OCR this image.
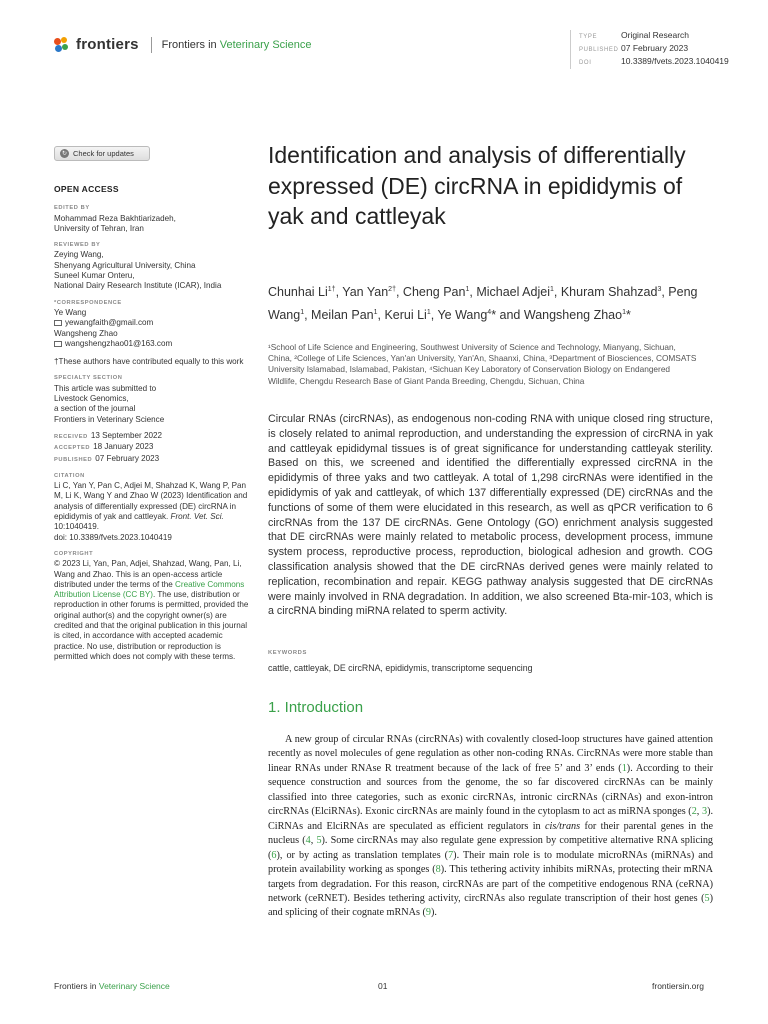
frontiers Frontiers in Veterinary Science
TYPE	Original Research
PUBLISHED 07 February 2023
DOI	10.3389/fvets.2023.1040419
↻ Check for updates
OPEN ACCESS
EDITED BY
Mohammad Reza Bakhtiarizadeh,
University of Tehran, Iran
REVIEWED BY
Zeying Wang,
Shenyang Agricultural University, China
Suneel Kumar Onteru,
National Dairy Research Institute (ICAR), India
*CORRESPONDENCE
Ye Wang
yewangfaith@gmail.com
Wangsheng Zhao
wangshengzhao01@163.com
†These authors have contributed equally to this work
SPECIALTY SECTION
This article was submitted to
Livestock Genomics,
a section of the journal
Frontiers in Veterinary Science
RECEIVED 13 September 2022
ACCEPTED 18 January 2023
PUBLISHED 07 February 2023
CITATION
Li C, Yan Y, Pan C, Adjei M, Shahzad K, Wang P, Pan M, Li K, Wang Y and Zhao W (2023) Identification and analysis of differentially expressed (DE) circRNA in epididymis of yak and cattleyak. Front. Vet. Sci. 10:1040419.
doi: 10.3389/fvets.2023.1040419
COPYRIGHT
© 2023 Li, Yan, Pan, Adjei, Shahzad, Wang, Pan, Li, Wang and Zhao. This is an open-access article distributed under the terms of the Creative Commons Attribution License (CC BY). The use, distribution or reproduction in other forums is permitted, provided the original author(s) and the copyright owner(s) are credited and that the original publication in this journal is cited, in accordance with accepted academic practice. No use, distribution or reproduction is permitted which does not comply with these terms.
Identification and analysis of differentially expressed (DE) circRNA in epididymis of yak and cattleyak
Chunhai $Li^{1\dagger}$, Yan Yan$^{2\dagger}$, Cheng Pan$^1$, Michael Adjei$^1$, Khuram Shahzad$^3$, Peng Wang$^1$, Meilan Pan$^1$, Kerui Li$^1$, Ye Wang$^4$* and Wangsheng Zhao$^1$*
¹School of Life Science and Engineering, Southwest University of Science and Technology, Mianyang, Sichuan, China, ²College of Life Sciences, Yan'an University, Yan'An, Shaanxi, China, ³Department of Biosciences, COMSATS University Islamabad, Islamabad, Pakistan, ⁴Sichuan Key Laboratory of Conservation Biology on Endangered Wildlife, Chengdu Research Base of Giant Panda Breeding, Chengdu, Sichuan, China
Circular RNAs (circRNAs), as endogenous non-coding RNA with unique closed ring structure, is closely related to animal reproduction, and understanding the expression of circRNA in yak and cattleyak epididymal tissues is of great significance for understanding cattleyak sterility. Based on this, we screened and identified the differentially expressed circRNA in the epididymis of three yaks and two cattleyak. A total of 1,298 circRNAs were identified in the epididymis of yak and cattleyak, of which 137 differentially expressed (DE) circRNAs and the functions of some of them were elucidated in this research, as well as qPCR verification to 6 circRNAs from the 137 DE circRNAs. Gene Ontology (GO) enrichment analysis suggested that DE circRNAs were mainly related to metabolic process, development process, immune system process, reproductive process, reproduction, biological adhesion and growth. COG classification analysis showed that the DE circRNAs derived genes were mainly related to replication, recombination and repair. KEGG pathway analysis suggested that DE circRNAs were mainly involved in RNA degradation. In addition, we also screened Bta-mir-103, which is a circRNA binding miRNA related to sperm activity.
KEYWORDS
cattle, cattleyak, DE circRNA, epididymis, transcriptome sequencing
1. Introduction
A new group of circular RNAs (circRNAs) with covalently closed-loop structures have gained attention recently as novel molecules of gene regulation as other non-coding RNAs. CircRNAs were more stable than linear RNAs under RNAse R treatment because of the lack of free 5’ and 3’ ends (1). According to their sequence construction and sources from the genome, the so far discovered circRNAs can be mainly classified into three categories, such as exonic circRNAs, intronic circRNAs (ciRNAs) and exon-intron circRNAs (ElciRNAs). Exonic circRNAs are mainly found in the cytoplasm to act as miRNA sponges (2, 3). CiRNAs and ElciRNAs are speculated as efficient regulators in cis/trans for their parental genes in the nucleus (4, 5). Some circRNAs may also regulate gene expression by competitive alternative RNA splicing (6), or by acting as translation templates (7). Their main role is to modulate microRNAs (miRNAs) and protein availability working as sponges (8). This tethering activity inhibits miRNAs, protecting their mRNA targets from degradation. For this reason, circRNAs are part of the competitive endogenous RNA (ceRNA) network (ceRNET). Besides tethering activity, circRNAs also regulate transcription of their host genes (5) and splicing of their cognate mRNAs (9).
Frontiers in Veterinary Science	01	frontiersin.org
